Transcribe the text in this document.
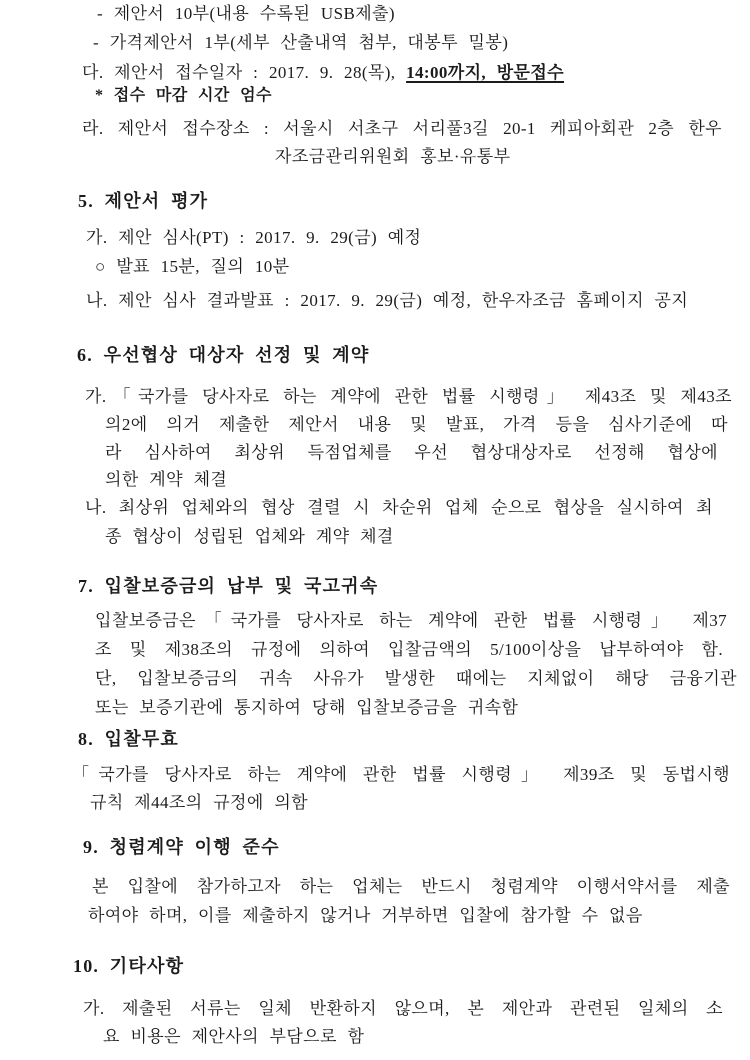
- 제안서 10부(내용 수록된 USB제출)
- 가격제안서 1부(세부 산출내역 첨부, 대봉투 밀봉)
다. 제안서 접수일자 : 2017. 9. 28(목), 14:00까지, 방문접수
* 접수 마감 시간 엄수
라. 제안서 접수장소 : 서울시 서초구 서리풀3길 20-1 케피아회관 2층 한우
자조금관리위원회 홍보·유통부
5. 제안서 평가
가. 제안 심사(PT) : 2017. 9. 29(금) 예정
○ 발표 15분, 질의 10분
나. 제안 심사 결과발표 : 2017. 9. 29(금) 예정, 한우자조금 홈페이지 공지
6. 우선협상 대상자 선정 및 계약
가.「국가를 당사자로 하는 계약에 관한 법률 시행령」 제43조 및 제43조
의2에 의거 제출한 제안서 내용 및 발표, 가격 등을 심사기준에 따
라 심사하여 최상위 득점업체를 우선 협상대상자로 선정해 협상에
의한 계약 체결
나. 최상위 업체와의 협상 결렬 시 차순위 업체 순으로 협상을 실시하여 최
종 협상이 성립된 업체와 계약 체결
7. 입찰보증금의 납부 및 국고귀속
입찰보증금은「국가를 당사자로 하는 계약에 관한 법률 시행령」 제37
조 및 제38조의 규정에 의하여 입찰금액의 5/100이상을 납부하여야 함.
단, 입찰보증금의 귀속 사유가 발생한 때에는 지체없이 해당 금융기관
또는 보증기관에 통지하여 당해 입찰보증금을 귀속함
8. 입찰무효
「국가를 당사자로 하는 계약에 관한 법률 시행령」 제39조 및 동법시행
규칙 제44조의 규정에 의함
9. 청렴계약 이행 준수
본 입찰에 참가하고자 하는 업체는 반드시 청렴계약 이행서약서를 제출
하여야 하며, 이를 제출하지 않거나 거부하면 입찰에 참가할 수 없음
10. 기타사항
가. 제출된 서류는 일체 반환하지 않으며, 본 제안과 관련된 일체의 소
요 비용은 제안사의 부담으로 함
